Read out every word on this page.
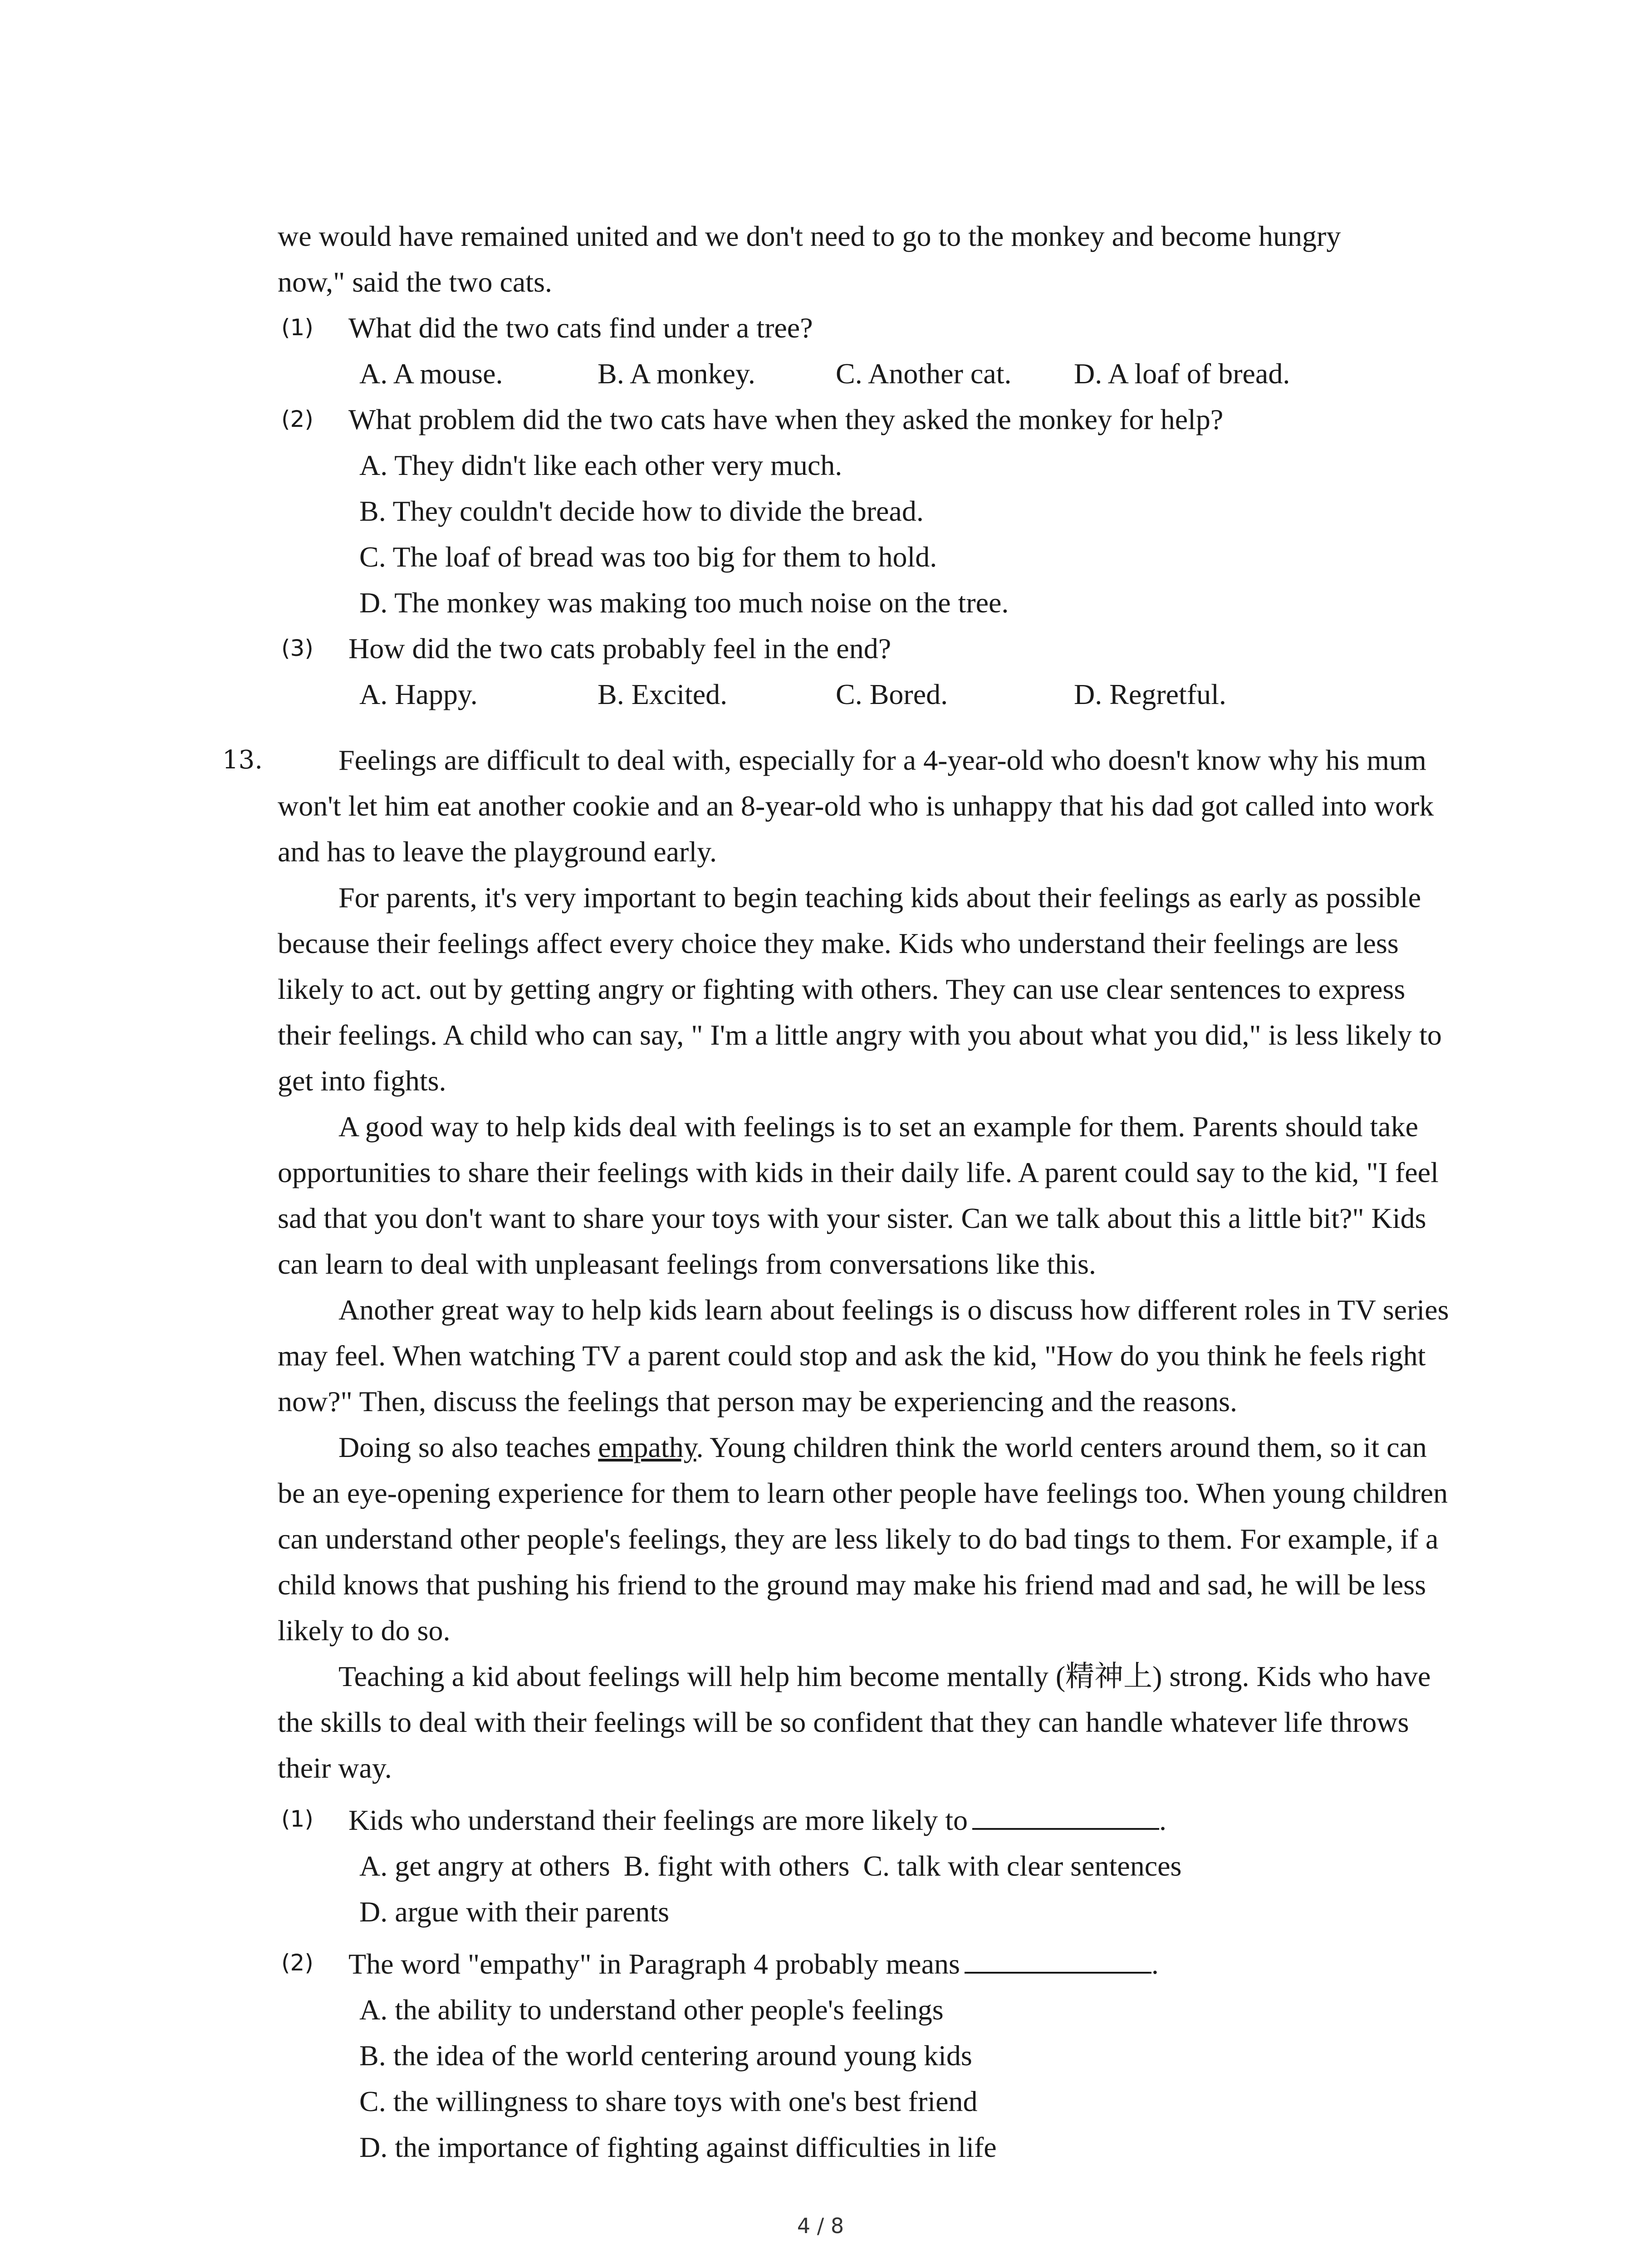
we would have remained united and we don't need to go to the monkey and become hungry

now," said the two cats.

(1) What did the two cats find under a tree?

A. A mouse.	B. A monkey.	C. Another cat.	D. A loaf of bread.

(2) What problem did the two cats have when they asked the monkey for help?

A. They didn't like each other very much.

B. They couldn't decide how to divide the bread.

C. The loaf of bread was too big for them to hold.

D. The monkey was making too much noise on the tree.

(3) How did the two cats probably feel in the end?

A. Happy.	B. Excited.	C. Bored.	D. Regretful.
13.	Feelings are difficult to deal with, especially for a 4-year-old who doesn't know why his mum won't let him eat another cookie and an 8-year-old who is unhappy that his dad got called into work and has to leave the playground early.

For parents, it's very important to begin teaching kids about their feelings as early as possible because their feelings affect every choice they make. Kids who understand their feelings are less likely to act. out by getting angry or fighting with others. They can use clear sentences to express their feelings. A child who can say, " I'm a little angry with you about what you did," is less likely to get into fights.

A good way to help kids deal with feelings is to set an example for them. Parents should take opportunities to share their feelings with kids in their daily life. A parent could say to the kid, "I feel sad that you don't want to share your toys with your sister. Can we talk about this a little bit?" Kids can learn to deal with unpleasant feelings from conversations like this.

Another great way to help kids learn about feelings is o discuss how different roles in TV series may feel. When watching TV a parent could stop and ask the kid, "How do you think he feels right now?" Then, discuss the feelings that person may be experiencing and the reasons.

Doing so also teaches empathy. Young children think the world centers around them, so it can be an eye-opening experience for them to learn other people have feelings too. When young children can understand other people's feelings, they are less likely to do bad tings to them. For example, if a child knows that pushing his friend to the ground may make his friend mad and sad, he will be less likely to do so.

Teaching a kid about feelings will help him become mentally (精神上) strong. Kids who have the skills to deal with their feelings will be so confident that they can handle whatever life throws their way.

(1) Kids who understand their feelings are more likely to	.

A. get angry at others B. fight with others C. talk with clear sentences

D. argue with their parents

(2) The word "empathy" in Paragraph 4 probably means	.

A. the ability to understand other people's feelings

B. the idea of the world centering around young kids

C. the willingness to share toys with one's best friend

D. the importance of fighting against difficulties in life

4 / 8
